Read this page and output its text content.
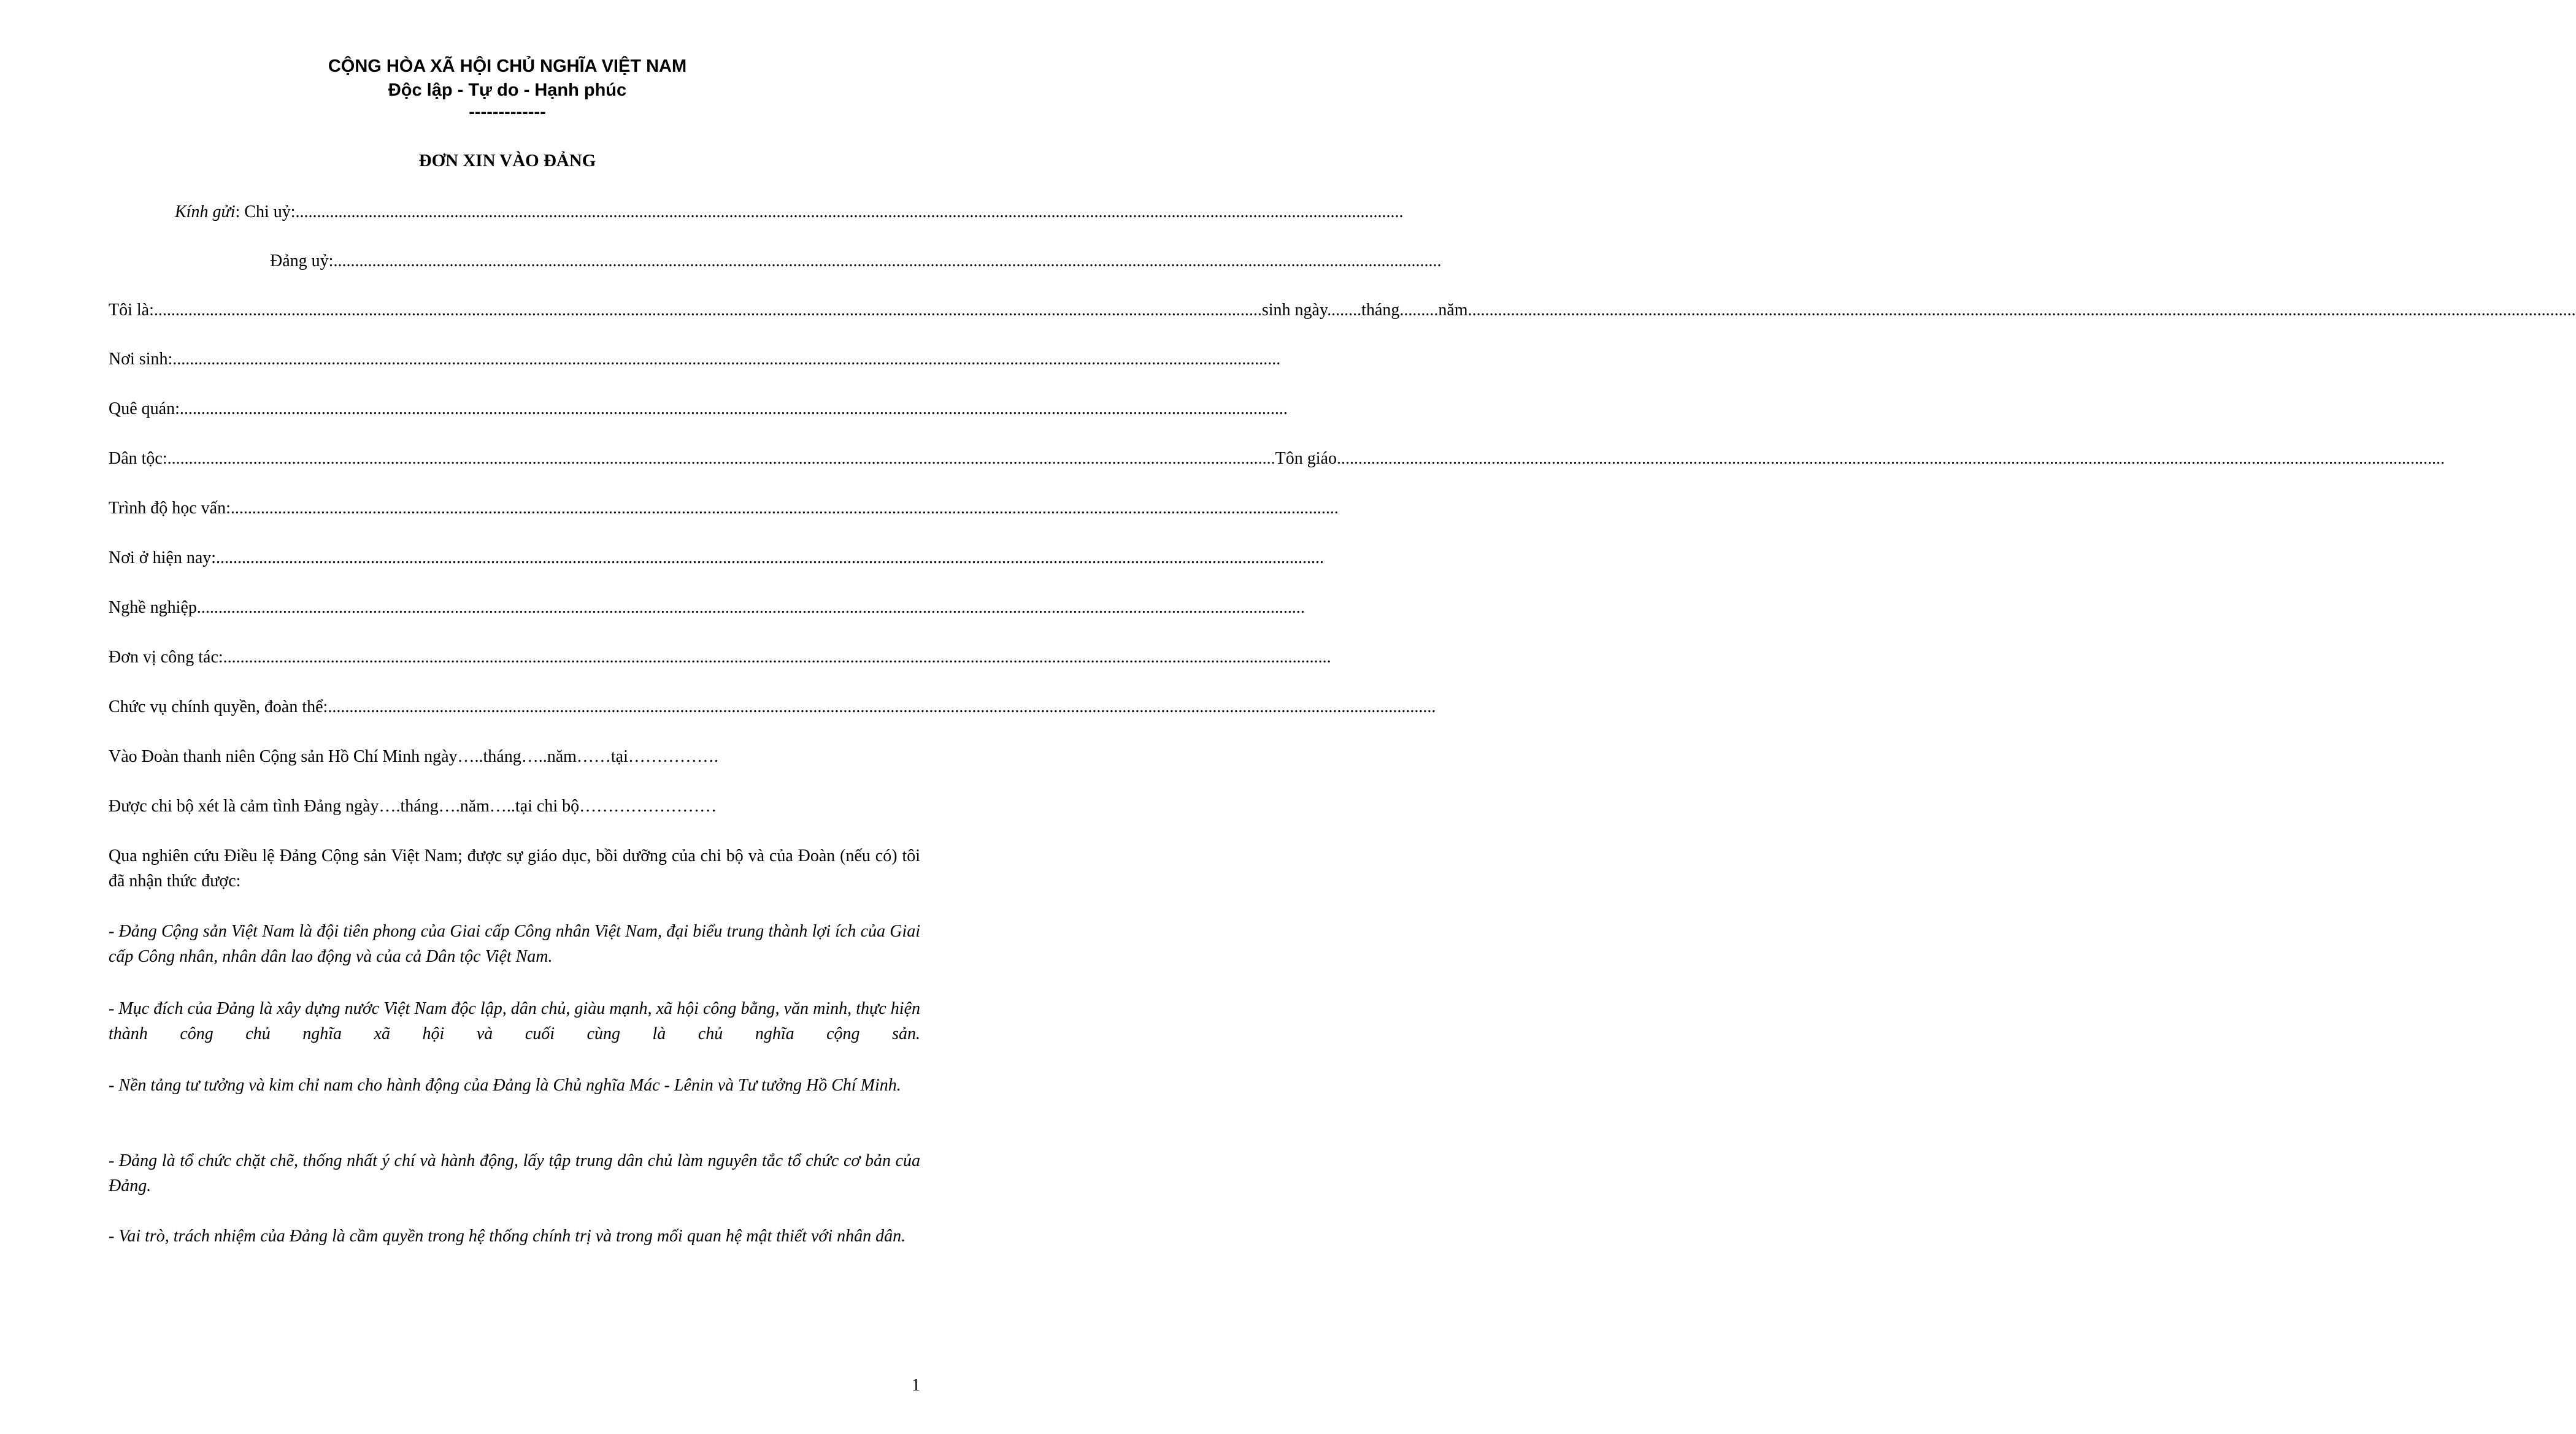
CỘNG HÒA XÃ HỘI CHỦ NGHĨA VIỆT NAM
Độc lập - Tự do - Hạnh phúc
-------------
ĐƠN XIN VÀO ĐẢNG
Kính gửi : Chi uỷ: ..................................................................................................................................................................................................................................................................
Đảng uỷ: ..................................................................................................................................................................................................................................................................
Tôi là: .................................................................................................................................................................................................................................................................. sinh ngày........tháng.........năm ..................................................................................................................................................................................................................................................................
Nơi sinh: ..................................................................................................................................................................................................................................................................
Quê quán: ..................................................................................................................................................................................................................................................................
Dân tộc: .................................................................................................................................................................................................................................................................. Tôn giáo ..................................................................................................................................................................................................................................................................
Trình độ học vấn: ..................................................................................................................................................................................................................................................................
Nơi ở hiện nay: ..................................................................................................................................................................................................................................................................
Nghề nghiệp ..................................................................................................................................................................................................................................................................
Đơn vị công tác: ..................................................................................................................................................................................................................................................................
Chức vụ chính quyền, đoàn thể: ..................................................................................................................................................................................................................................................................
Vào Đoàn thanh niên Cộng sản Hồ Chí Minh ngày…..tháng…..năm……tại…………….
Được chi bộ xét là cảm tình Đảng ngày….tháng….năm…..tại chi bộ……………………
Qua nghiên cứu Điều lệ Đảng Cộng sản Việt Nam; được sự giáo dục, bồi dưỡng của chi bộ và của Đoàn (nếu có) tôi đã nhận thức được:
- Đảng Cộng sản Việt Nam là đội tiên phong của Giai cấp Công nhân Việt Nam, đại biểu trung thành lợi ích của Giai cấp Công nhân, nhân dân lao động và của cả Dân tộc Việt Nam.
- Mục đích của Đảng là xây dựng nước Việt Nam độc lập, dân chủ, giàu mạnh, xã hội công bằng, văn minh, thực hiện thành công chủ nghĩa xã hội và cuối cùng là chủ nghĩa cộng sản.
- Nền tảng tư tưởng và kim chỉ nam cho hành động của Đảng là Chủ nghĩa Mác - Lênin và Tư tưởng Hồ Chí Minh.
- Đảng là tổ chức chặt chẽ, thống nhất ý chí và hành động, lấy tập trung dân chủ làm nguyên tắc tổ chức cơ bản của Đảng.
- Vai trò, trách nhiệm của Đảng là cầm quyền trong hệ thống chính trị và trong mối quan hệ mật thiết với nhân dân.
1
